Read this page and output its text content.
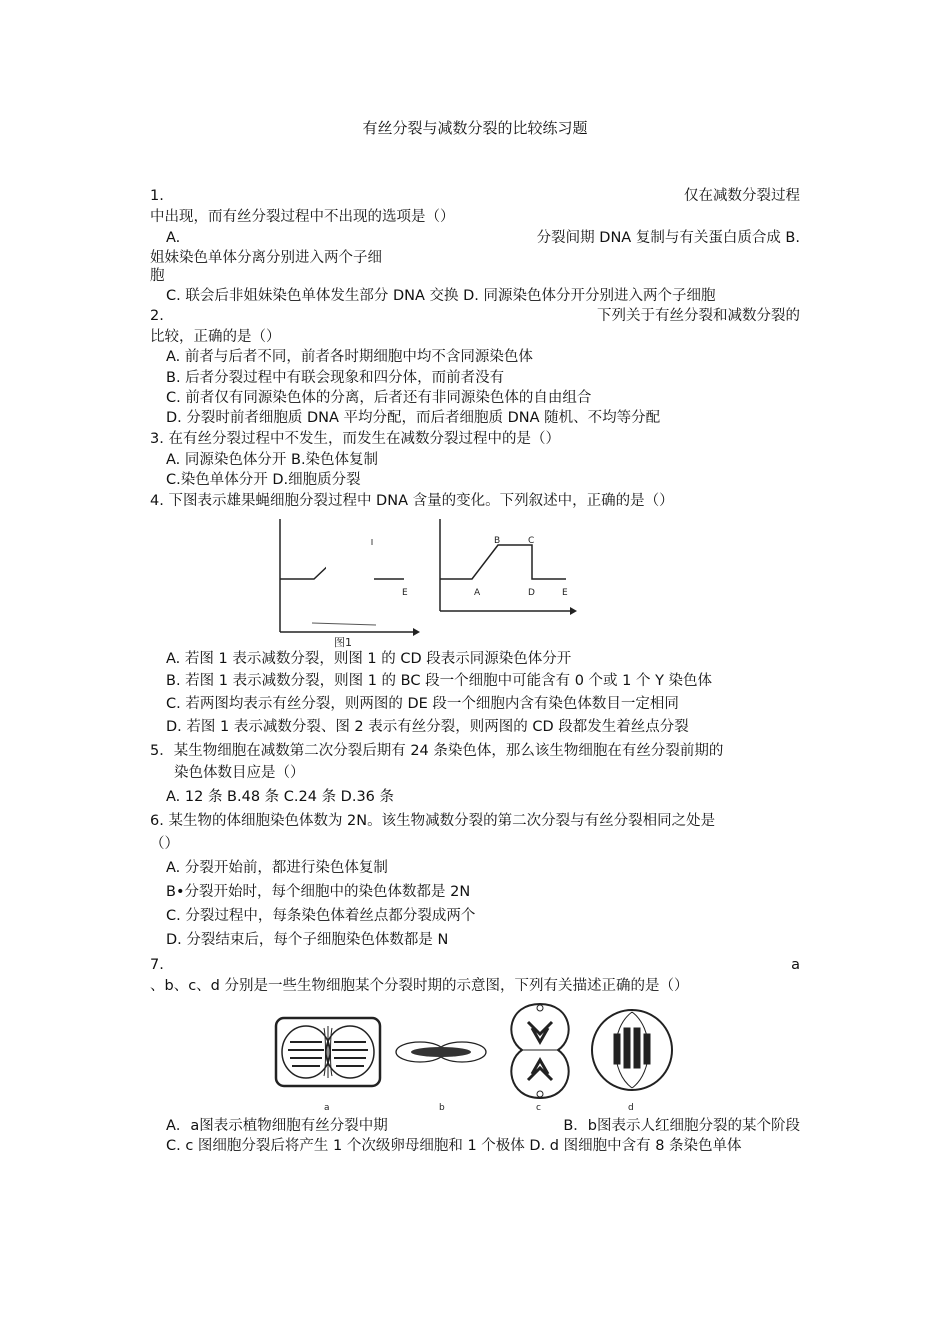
有丝分裂与减数分裂的比较练习题
1.	仅在减数分裂过程
中出现，而有丝分裂过程中不出现的选项是（）
A.	分裂间期 DNA 复制与有关蛋白质合成 B.
姐妹染色单体分离分别进入两个子细
胞
C. 联会后非姐妹染色单体发生部分 DNA 交换 D. 同源染色体分开分别进入两个子细胞
2.	下列关于有丝分裂和减数分裂的
比较，正确的是（）
A. 前者与后者不同，前者各时期细胞中均不含同源染色体
B. 后者分裂过程中有联会现象和四分体，而前者没有
C. 前者仅有同源染色体的分离，后者还有非同源染色体的自由组合
D. 分裂时前者细胞质 DNA 平均分配，而后者细胞质 DNA 随机、不均等分配
3. 在有丝分裂过程中不发生，而发生在减数分裂过程中的是（）
A. 同源染色体分开 B.染色体复制
C.染色单体分开 D.细胞质分裂
4. 下图表示雄果蝇细胞分裂过程中 DNA 含量的变化。下列叙述中，正确的是（）
E
图1
A
B	C
D	E
A. 若图 1 表示减数分裂，则图 1 的 CD 段表示同源染色体分开
B. 若图 1 表示减数分裂，则图 1 的 BC 段一个细胞中可能含有 0 个或 1 个 Y 染色体
C. 若两图均表示有丝分裂，则两图的 DE 段一个细胞内含有染色体数目一定相同
D. 若图 1 表示减数分裂、图 2 表示有丝分裂，则两图的 CD 段都发生着丝点分裂
5．某生物细胞在减数第二次分裂后期有 24 条染色体，那么该生物细胞在有丝分裂前期的
染色体数目应是（）
A. 12 条 B.48 条 C.24 条 D.36 条
6. 某生物的体细胞染色体数为 2N。该生物减数分裂的第二次分裂与有丝分裂相同之处是
（）
A. 分裂开始前，都进行染色体复制
B•分裂开始时，每个细胞中的染色体数都是 2N
C. 分裂过程中，每条染色体着丝点都分裂成两个
D. 分裂结束后，每个子细胞染色体数都是 N
7.	a
、b、c、d 分别是一些生物细胞某个分裂时期的示意图，下列有关描述正确的是（）
a	b	c	d
A．a图表示植物细胞有丝分裂中期	B．b图表示人红细胞分裂的某个阶段
C. c 图细胞分裂后将产生 1 个次级卵母细胞和 1 个极体 D. d 图细胞中含有 8 条染色单体
